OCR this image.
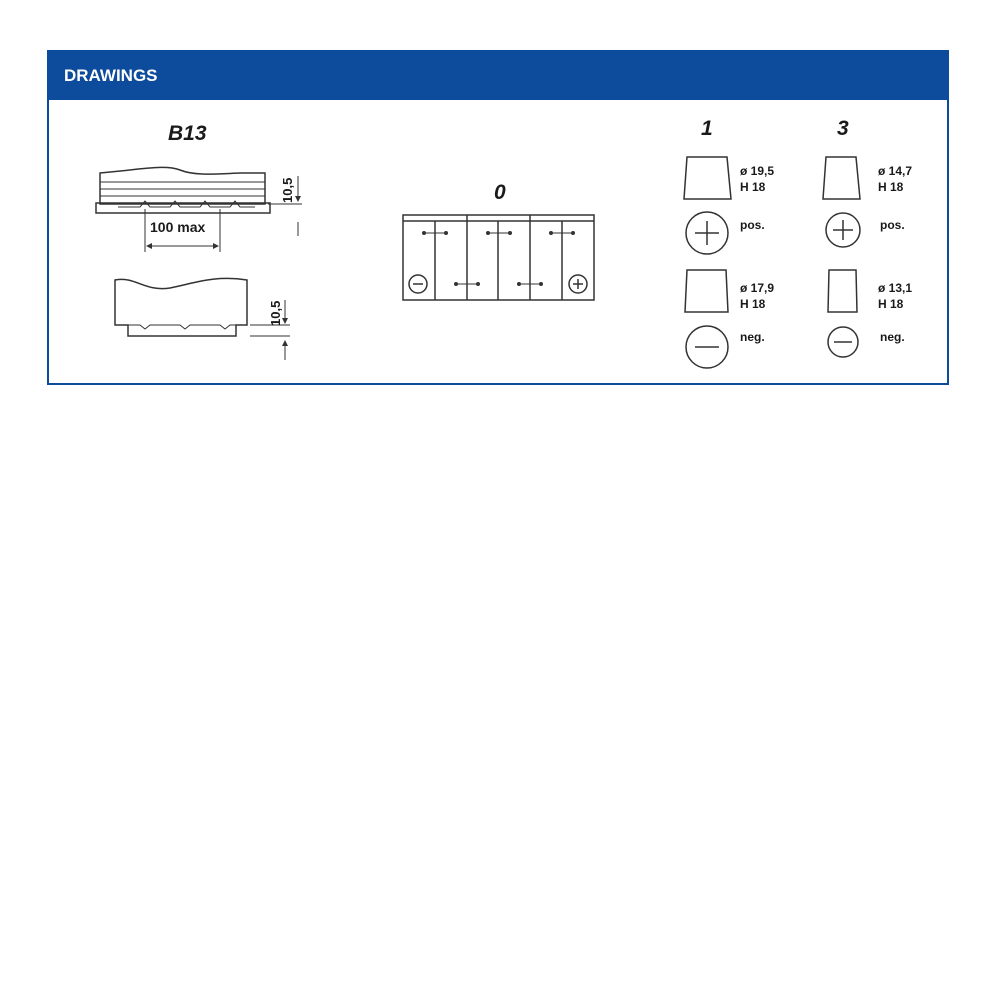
DRAWINGS
B13
100 max
10,5
10,5
0
1
ø 19,5
H 18
pos.
ø 17,9
H 18
neg.
3
ø 14,7
H 18
pos.
ø 13,1
H 18
neg.
